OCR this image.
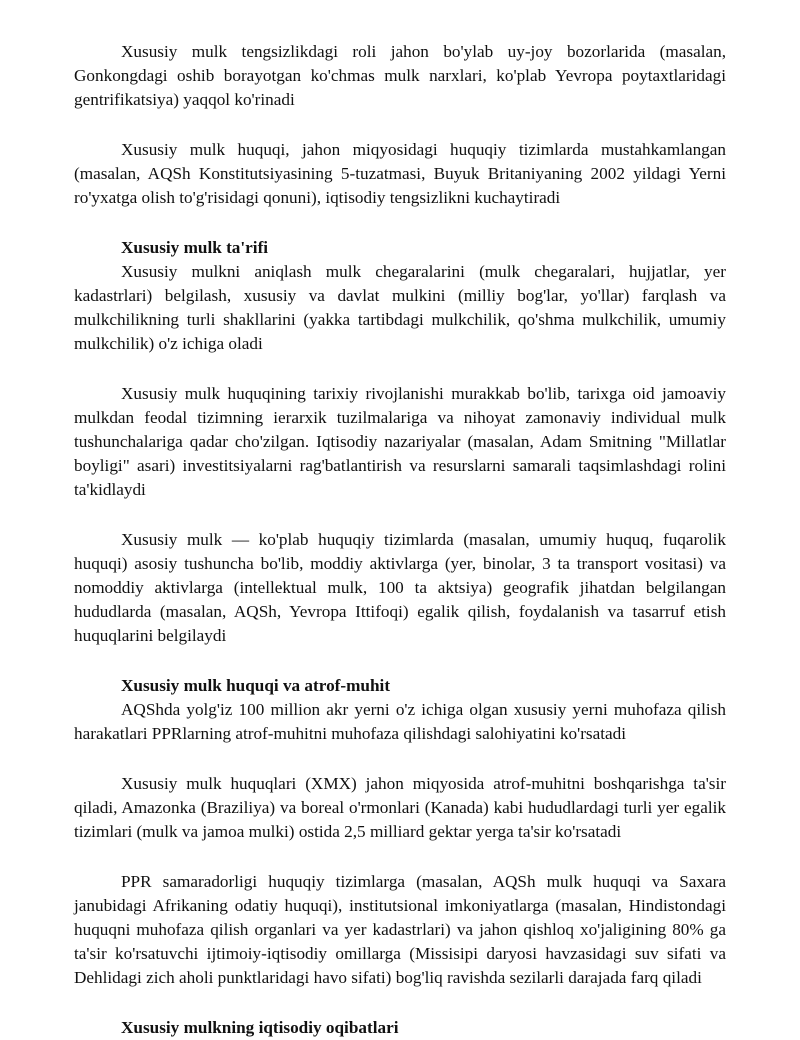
Xususiy mulk tengsizlikdagi roli jahon bo'ylab uy-joy bozorlarida (masalan, Gonkongdagi oshib borayotgan ko'chmas mulk narxlari, ko'plab Yevropa poytaxtlaridagi gentrifikatsiya) yaqqol ko'rinadi

Xususiy mulk huquqi, jahon miqyosidagi huquqiy tizimlarda mustahkamlangan (masalan, AQSh Konstitutsiyasining 5-tuzatmasi, Buyuk Britaniyaning 2002 yildagi Yerni ro'yxatga olish to'g'risidagi qonuni), iqtisodiy tengsizlikni kuchaytiradi

Xususiy mulk ta'rifi

Xususiy mulkni aniqlash mulk chegaralarini (mulk chegaralari, hujjatlar, yer kadastrlari) belgilash, xususiy va davlat mulkini (milliy bog'lar, yo'llar) farqlash va mulkchilikning turli shakllarini (yakka tartibdagi mulkchilik, qo'shma mulkchilik, umumiy mulkchilik) o'z ichiga oladi

Xususiy mulk huquqining tarixiy rivojlanishi murakkab bo'lib, tarixga oid jamoaviy mulkdan feodal tizimning ierarxik tuzilmalariga va nihoyat zamonaviy individual mulk tushunchalariga qadar cho'zilgan. Iqtisodiy nazariyalar (masalan, Adam Smitning "Millatlar boyligi" asari) investitsiyalarni rag'batlantirish va resurslarni samarali taqsimlashdagi rolini ta'kidlaydi

Xususiy mulk — ko'plab huquqiy tizimlarda (masalan, umumiy huquq, fuqarolik huquqi) asosiy tushuncha bo'lib, moddiy aktivlarga (yer, binolar, 3 ta transport vositasi) va nomoddiy aktivlarga (intellektual mulk, 100 ta aktsiya) geografik jihatdan belgilangan hududlarda (masalan, AQSh, Yevropa Ittifoqi) egalik qilish, foydalanish va tasarruf etish huquqlarini belgilaydi

Xususiy mulk huquqi va atrof-muhit

AQShda yolg'iz 100 million akr yerni o'z ichiga olgan xususiy yerni muhofaza qilish harakatlari PPRlarning atrof-muhitni muhofaza qilishdagi salohiyatini ko'rsatadi

Xususiy mulk huquqlari (XMX) jahon miqyosida atrof-muhitni boshqarishga ta'sir qiladi, Amazonka (Braziliya) va boreal o'rmonlari (Kanada) kabi hududlardagi turli yer egalik tizimlari (mulk va jamoa mulki) ostida 2,5 milliard gektar yerga ta'sir ko'rsatadi

PPR samaradorligi huquqiy tizimlarga (masalan, AQSh mulk huquqi va Saxara janubidagi Afrikaning odatiy huquqi), institutsional imkoniyatlarga (masalan, Hindistondagi huquqni muhofaza qilish organlari va yer kadastrlari) va jahon qishloq xo'jaligining 80% ga ta'sir ko'rsatuvchi ijtimoiy-iqtisodiy omillarga (Missisipi daryosi havzasidagi suv sifati va Dehlidagi zich aholi punktlaridagi havo sifati) bog'liq ravishda sezilarli darajada farq qiladi

Xususiy mulkning iqtisodiy oqibatlari
